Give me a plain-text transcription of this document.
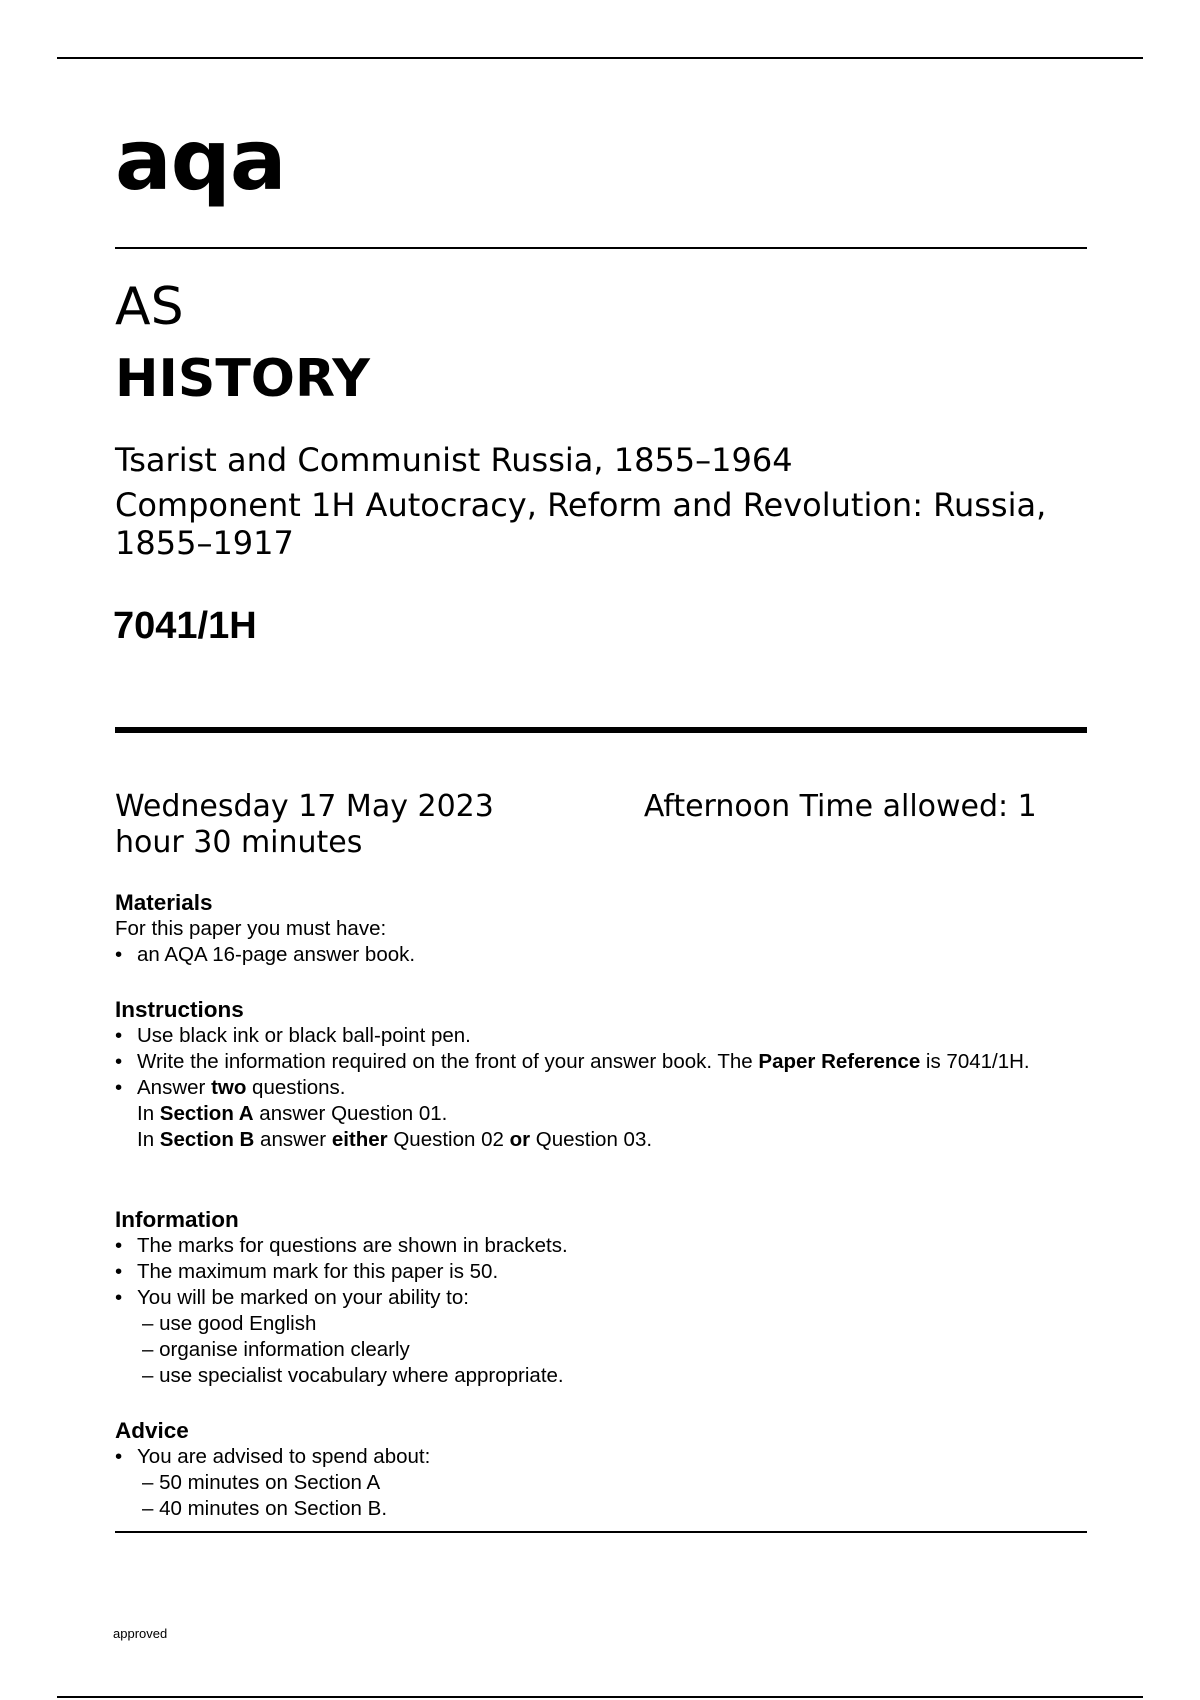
aqa
AS
HISTORY
Tsarist and Communist Russia, 1855–1964
Component 1H Autocracy, Reform and Revolution: Russia, 1855–1917
7041/1H
Wednesday 17 May 2023	Afternoon Time allowed: 1 hour 30 minutes
Materials

For this paper you must have:

• an AQA 16-page answer book.

Instructions

• Use black ink or black ball-point pen.

• Write the information required on the front of your answer book. The Paper Reference is 7041/1H.

• Answer two questions.

In Section A answer Question 01.

In Section B answer either Question 02 or Question 03.

Information

• The marks for questions are shown in brackets.

• The maximum mark for this paper is 50.

• You will be marked on your ability to:

– use good English

– organise information clearly

– use specialist vocabulary where appropriate.

Advice

• You are advised to spend about:

– 50 minutes on Section A

– 40 minutes on Section B.

approved
